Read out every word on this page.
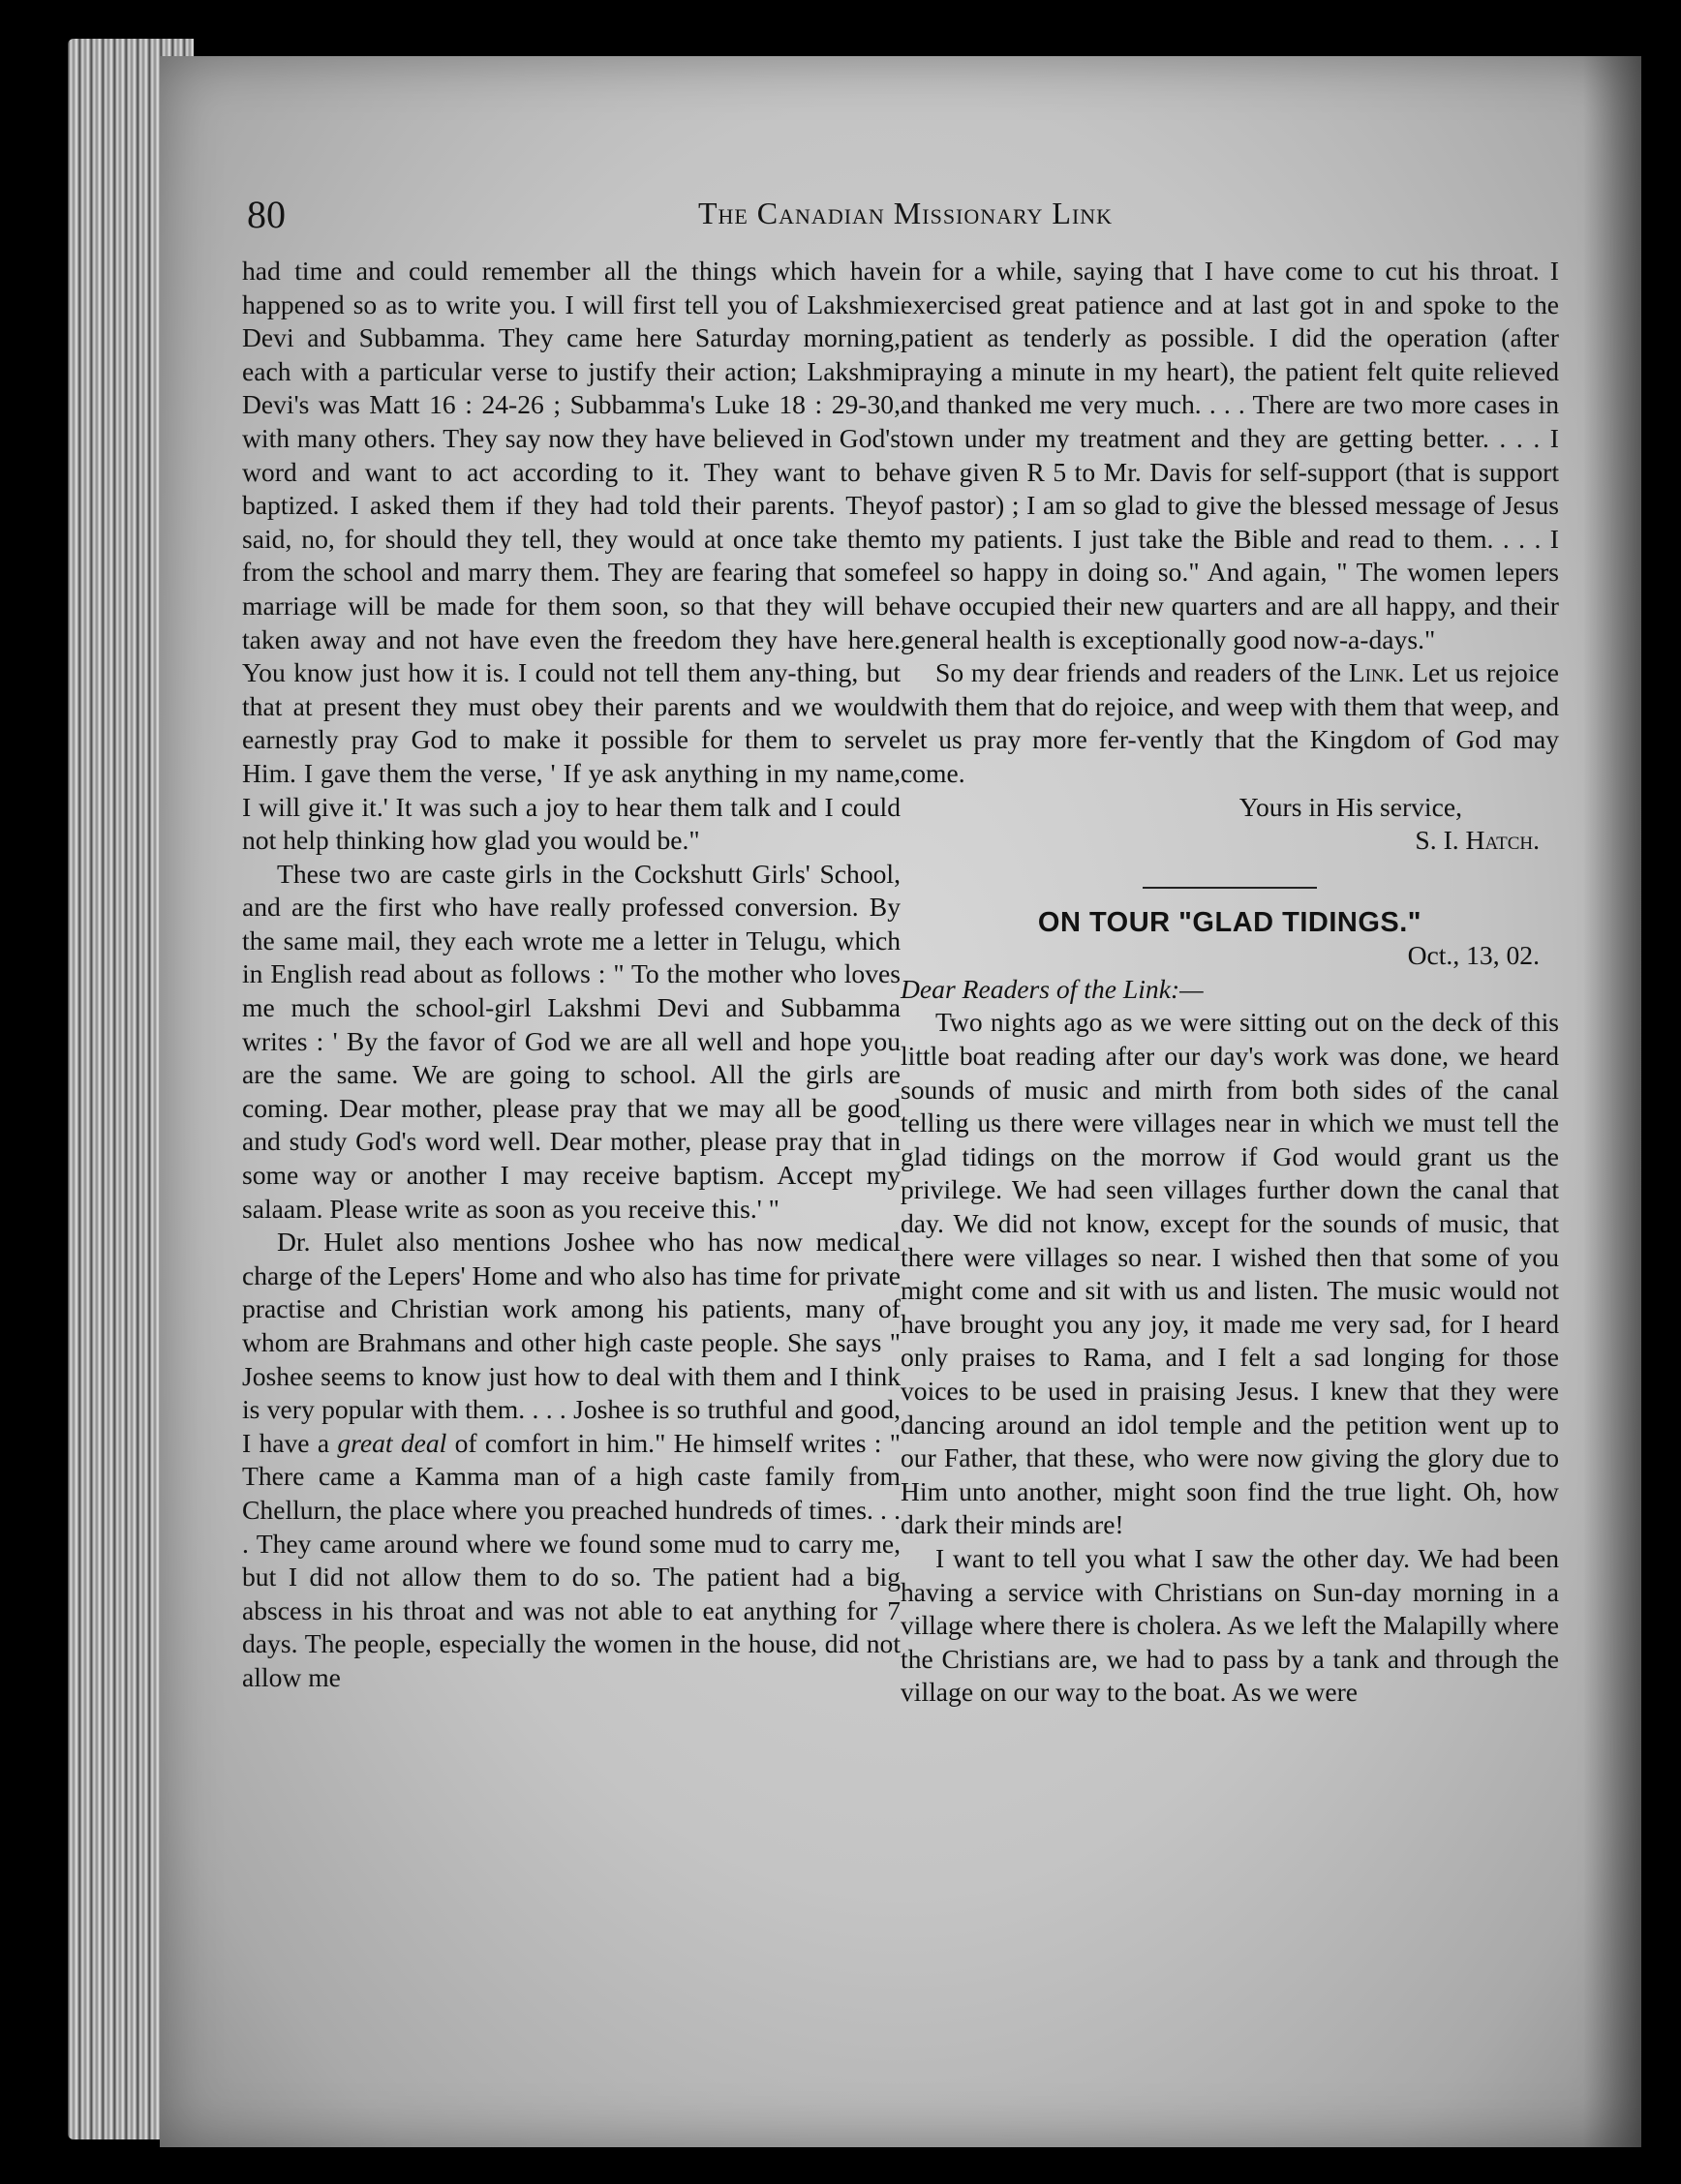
80	The Canadian Missionary Link

had time and could remember all the things which have happened so as to write you. I will first tell you of Lakshmi Devi and Subbamma. They came here Saturday morning, each with a particular verse to justify their action; Lakshmi Devi's was Matt 16 : 24-26 ; Subbamma's Luke 18 : 29-30, with many others. They say now they have believed in God's word and want to act according to it. They want to be baptized. I asked them if they had told their parents. They said, no, for should they tell, they would at once take them from the school and marry them. They are fearing that some marriage will be made for them soon, so that they will be taken away and not have even the freedom they have here. You know just how it is. I could not tell them any-thing, but that at present they must obey their parents and we would earnestly pray God to make it possible for them to serve Him. I gave them the verse, ' If ye ask anything in my name, I will give it.' It was such a joy to hear them talk and I could not help thinking how glad you would be."

These two are caste girls in the Cockshutt Girls' School, and are the first who have really professed conversion. By the same mail, they each wrote me a letter in Telugu, which in English read about as follows : " To the mother who loves me much the school-girl Lakshmi Devi and Subbamma writes : ' By the favor of God we are all well and hope you are the same. We are going to school. All the girls are coming. Dear mother, please pray that we may all be good and study God's word well. Dear mother, please pray that in some way or another I may receive baptism. Accept my salaam. Please write as soon as you receive this.' "

Dr. Hulet also mentions Joshee who has now medical charge of the Lepers' Home and who also has time for private practise and Christian work among his patients, many of whom are Brahmans and other high caste people. She says " Joshee seems to know just how to deal with them and I think is very popular with them. . . . Joshee is so truthful and good, I have a great deal of comfort in him." He himself writes : " There came a Kamma man of a high caste family from Chellurn, the place where you preached hundreds of times. . . . They came around where we found some mud to carry me, but I did not allow them to do so. The patient had a big abscess in his throat and was not able to eat anything for 7 days. The people, especially the women in the house, did not allow me

in for a while, saying that I have come to cut his throat. I exercised great patience and at last got in and spoke to the patient as tenderly as possible. I did the operation (after praying a minute in my heart), the patient felt quite relieved and thanked me very much. . . . There are two more cases in town under my treatment and they are getting better. . . . I have given R 5 to Mr. Davis for self-support (that is support of pastor) ; I am so glad to give the blessed message of Jesus to my patients. I just take the Bible and read to them. . . . I feel so happy in doing so." And again, " The women lepers have occupied their new quarters and are all happy, and their general health is exceptionally good now-a-days."

So my dear friends and readers of the Link. Let us rejoice with them that do rejoice, and weep with them that weep, and let us pray more fer-vently that the Kingdom of God may come.

Yours in His service,

S. I. Hatch.

ON TOUR "GLAD TIDINGS."

Oct., 13, 02.

Dear Readers of the Link:—

Two nights ago as we were sitting out on the deck of this little boat reading after our day's work was done, we heard sounds of music and mirth from both sides of the canal telling us there were villages near in which we must tell the glad tidings on the morrow if God would grant us the privilege. We had seen villages further down the canal that day. We did not know, except for the sounds of music, that there were villages so near. I wished then that some of you might come and sit with us and listen. The music would not have brought you any joy, it made me very sad, for I heard only praises to Rama, and I felt a sad longing for those voices to be used in praising Jesus. I knew that they were dancing around an idol temple and the petition went up to our Father, that these, who were now giving the glory due to Him unto another, might soon find the true light. Oh, how dark their minds are!

I want to tell you what I saw the other day. We had been having a service with Christians on Sun-day morning in a village where there is cholera. As we left the Malapilly where the Christians are, we had to pass by a tank and through the village on our way to the boat. As we were
